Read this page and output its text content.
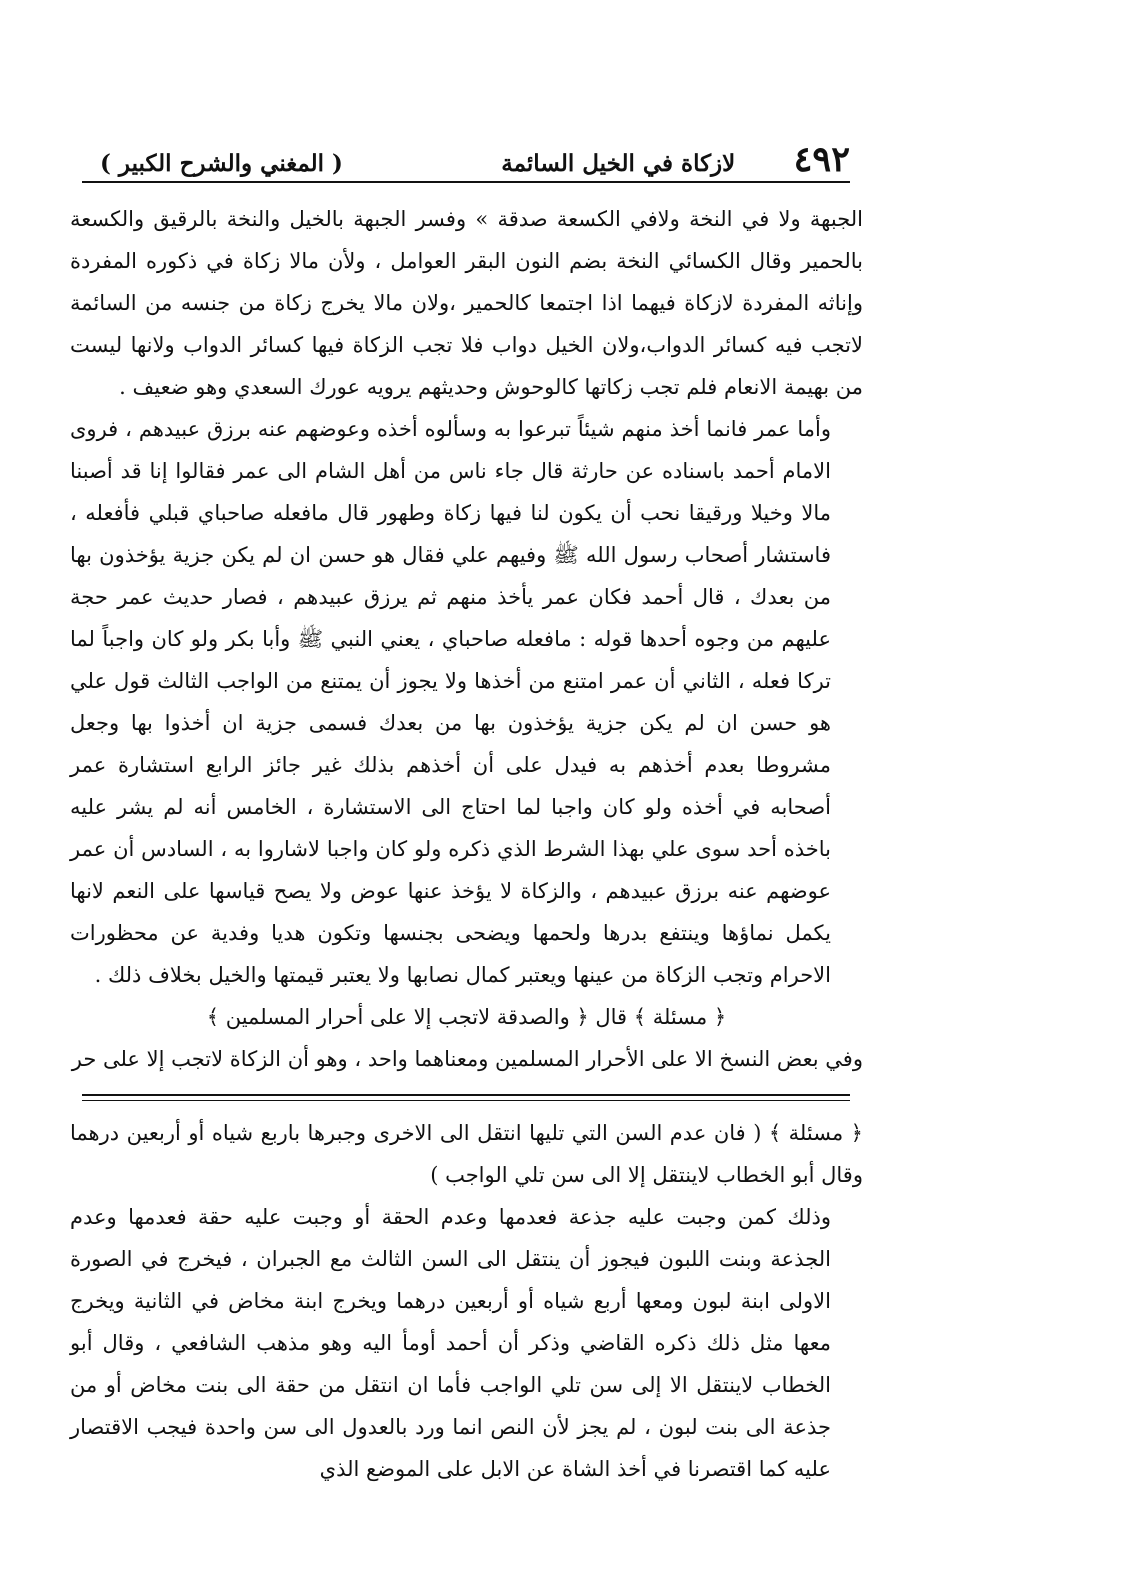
٤٩٢
لازكاة في الخيل السائمة
( المغني والشرح الكبير )

الجبهة ولا في النخة ولافي الكسعة صدقة » وفسر الجبهة بالخيل والنخة بالرقيق والكسعة بالحمير وقال الكسائي النخة بضم النون البقر العوامل ، ولأن مالا زكاة في ذكوره المفردة وإناثه المفردة لازكاة فيهما اذا اجتمعا كالحمير ،ولان مالا يخرج زكاة من جنسه من السائمة لاتجب فيه كسائر الدواب،ولان الخيل دواب فلا تجب الزكاة فيها كسائر الدواب ولانها ليست من بهيمة الانعام فلم تجب زكاتها كالوحوش وحديثهم يرويه عورك السعدي وهو ضعيف .

وأما عمر فانما أخذ منهم شيئاً تبرعوا به وسألوه أخذه وعوضهم عنه برزق عبيدهم ، فروى الامام أحمد باسناده عن حارثة قال جاء ناس من أهل الشام الى عمر فقالوا إنا قد أصبنا مالا وخيلا ورقيقا نحب أن يكون لنا فيها زكاة وطهور قال مافعله صاحباي قبلي فأفعله ، فاستشار أصحاب رسول الله ﷺ وفيهم علي فقال هو حسن ان لم يكن جزية يؤخذون بها من بعدك ، قال أحمد فكان عمر يأخذ منهم ثم يرزق عبيدهم ، فصار حديث عمر حجة عليهم من وجوه أحدها قوله : مافعله صاحباي ، يعني النبي ﷺ وأبا بكر ولو كان واجباً لما تركا فعله ، الثاني أن عمر امتنع من أخذها ولا يجوز أن يمتنع من الواجب الثالث قول علي هو حسن ان لم يكن جزية يؤخذون بها من بعدك فسمى جزية ان أخذوا بها وجعل مشروطا بعدم أخذهم به فيدل على أن أخذهم بذلك غير جائز الرابع استشارة عمر أصحابه في أخذه ولو كان واجبا لما احتاج الى الاستشارة ، الخامس أنه لم يشر عليه باخذه أحد سوى علي بهذا الشرط الذي ذكره ولو كان واجبا لاشاروا به ، السادس أن عمر عوضهم عنه برزق عبيدهم ، والزكاة لا يؤخذ عنها عوض ولا يصح قياسها على النعم لانها يكمل نماؤها وينتفع بدرها ولحمها ويضحى بجنسها وتكون هديا وفدية عن محظورات الاحرام وتجب الزكاة من عينها ويعتبر كمال نصابها ولا يعتبر قيمتها والخيل بخلاف ذلك .

﴿ مسئلة ﴾ قال ﴿ والصدقة لاتجب إلا على أحرار المسلمين ﴾

وفي بعض النسخ الا على الأحرار المسلمين ومعناهما واحد ، وهو أن الزكاة لاتجب إلا على حر

﴿ مسئلة ﴾ ( فان عدم السن التي تليها انتقل الى الاخرى وجبرها باربع شياه أو أربعين درهما وقال أبو الخطاب لاينتقل إلا الى سن تلي الواجب )

وذلك كمن وجبت عليه جذعة فعدمها وعدم الحقة أو وجبت عليه حقة فعدمها وعدم الجذعة وبنت اللبون فيجوز أن ينتقل الى السن الثالث مع الجبران ، فيخرج في الصورة الاولى ابنة لبون ومعها أربع شياه أو أربعين درهما ويخرج ابنة مخاض في الثانية ويخرج معها مثل ذلك ذكره القاضي وذكر أن أحمد أومأ اليه وهو مذهب الشافعي ، وقال أبو الخطاب لاينتقل الا إلى سن تلي الواجب فأما ان انتقل من حقة الى بنت مخاض أو من جذعة الى بنت لبون ، لم يجز لأن النص انما ورد بالعدول الى سن واحدة فيجب الاقتصار عليه كما اقتصرنا في أخذ الشاة عن الابل على الموضع الذي
